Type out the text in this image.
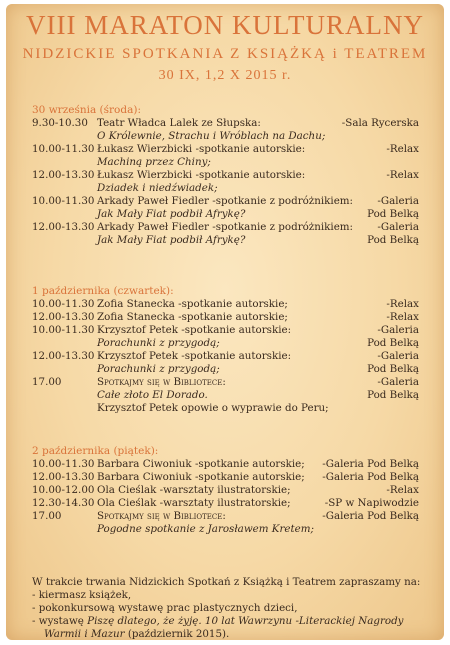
VIII MARATON KULTURALNY
NIDZICKIE SPOTKANIA Z KSIĄŻKĄ i TEATREM
30 IX, 1,2 X 2015 r.
30 września (środa):
9.30-10.30 Teatr Władca Lalek ze Słupska:	-Sala Rycerska
O Królewnie, Strachu i Wróblach na Dachu;
10.00-11.30 Łukasz Wierzbicki -spotkanie autorskie:	-Relax
Machiną przez Chiny;
12.00-13.30 Łukasz Wierzbicki -spotkanie autorskie:	-Relax
Dziadek i niedźwiadek;
10.00-11.30 Arkady Paweł Fiedler -spotkanie z podróżnikiem: -Galeria
Jak Mały Fiat podbił Afrykę?	Pod Belką
12.00-13.30 Arkady Paweł Fiedler -spotkanie z podróżnikiem: -Galeria
Jak Mały Fiat podbił Afrykę?	Pod Belką
1 października (czwartek):
10.00-11.30 Zofia Stanecka -spotkanie autorskie;	-Relax
12.00-13.30 Zofia Stanecka -spotkanie autorskie;	-Relax
10.00-11.30 Krzysztof Petek -spotkanie autorskie:	-Galeria
Porachunki z przygodą;	Pod Belką
12.00-13.30 Krzysztof Petek -spotkanie autorskie:	-Galeria
Porachunki z przygodą;	Pod Belką
17.00	Spotkajmy się w Bibliotece:	-Galeria
Całe złoto El Dorado.	Pod Belką
Krzysztof Petek opowie o wyprawie do Peru;
2 października (piątek):
10.00-11.30 Barbara Ciwoniuk -spotkanie autorskie; -Galeria Pod Belką
12.00-13.30 Barbara Ciwoniuk -spotkanie autorskie; -Galeria Pod Belką
10.00-12.00 Ola Cieślak -warsztaty ilustratorskie;	-Relax
12.30-14.30 Ola Cieślak -warsztaty ilustratorskie;	-SP w Napiwodzie
17.00	Spotkajmy się w Bibliotece:	-Galeria Pod Belką
Pogodne spotkanie z Jarosławem Kretem;
W trakcie trwania Nidzickich Spotkań z Książką i Teatrem zapraszamy na:
- kiermasz książek,
- pokonkursową wystawę prac plastycznych dzieci,
- wystawę Piszę dlatego, że żyję. 10 lat Wawrzynu -Literackiej Nagrody
Warmii i Mazur (październik 2015).
